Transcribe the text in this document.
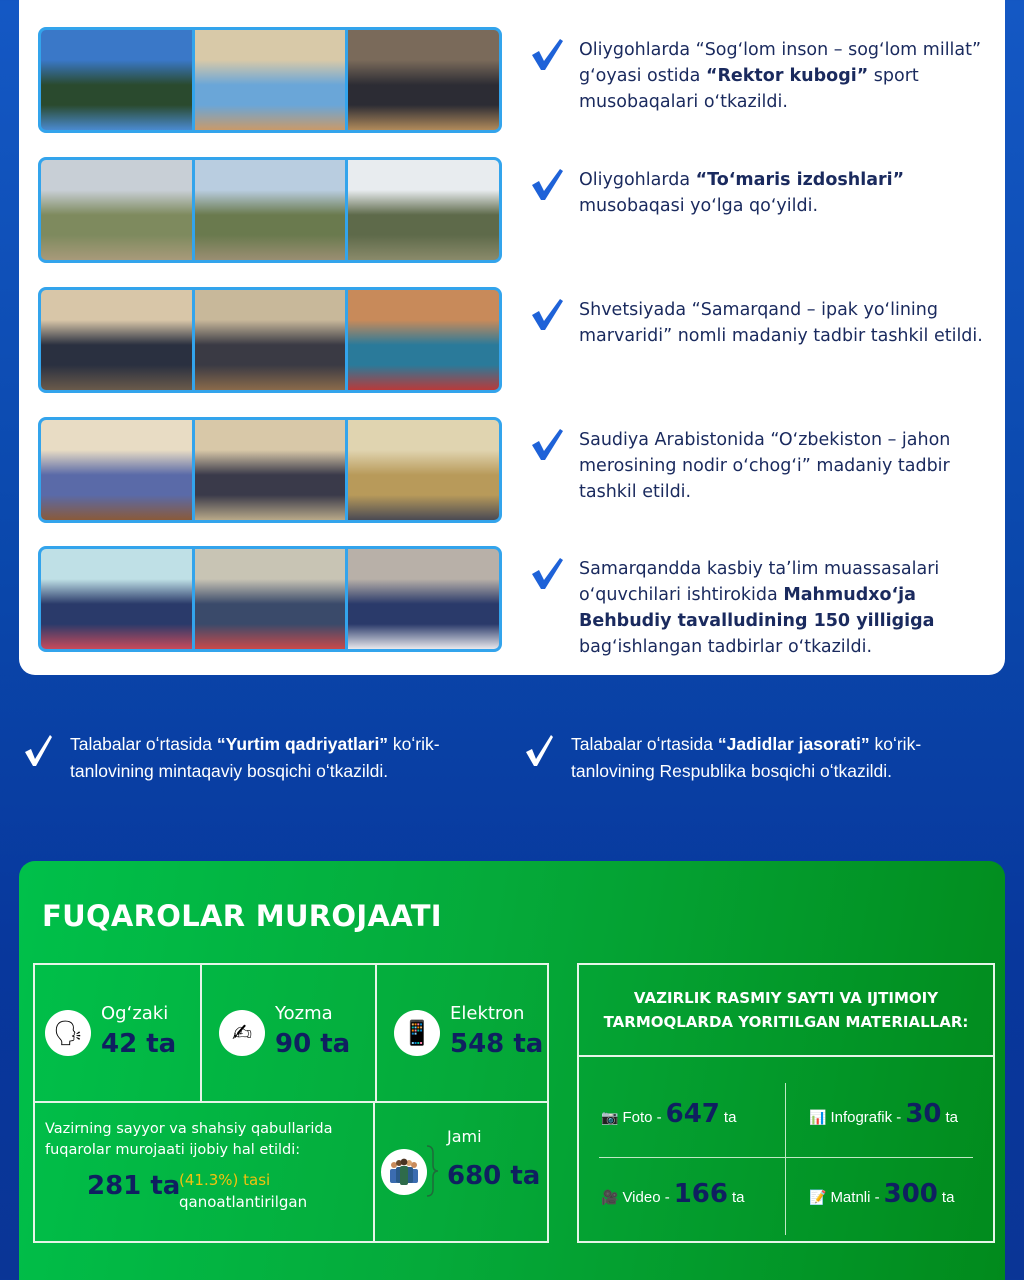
Oliygohlarda “Sogʻlom inson – sogʻlom millat” gʻoyasi ostida “Rektor kubogi” sport musobaqalari oʻtkazildi.
Oliygohlarda “Toʻmaris izdoshlari” musobaqasi yoʻlga qoʻyildi.
Shvetsiyada “Samarqand – ipak yoʻlining marvaridi” nomli madaniy tadbir tashkil etildi.
Saudiya Arabistonida “Oʻzbekiston – jahon merosining nodir oʻchogʻi” madaniy tadbir tashkil etildi.
Samarqandda kasbiy taʼlim muassasalari oʻquvchilari ishtirokida Mahmudxoʻja Behbudiy tavalludining 150 yilligiga bagʻishlangan tadbirlar oʻtkazildi.
Talabalar oʻrtasida “Yurtim qadriyatlari” koʻrik-tanlovining mintaqaviy bosqichi oʻtkazildi.
Talabalar oʻrtasida “Jadidlar jasorati” koʻrik-tanlovining Respublika bosqichi oʻtkazildi.
FUQAROLAR MUROJAATI
🗣
Og‘zaki
42 ta	✍
Yozma
90 ta	📱
Elektron
548 ta
Vazirning sayyor va shahsiy qabullarida fuqarolar murojaati ijobiy hal etildi:
281 ta
(41.3%) tasi
qanoatlantirilgan
Jami
680 ta
VAZIRLIK RASMIY SAYTI VA IJTIMOIY TARMOQLARDA YORITILGAN MATERIALLAR:
📷 Foto - 647 ta	📊 Infografik - 30 ta
🎥 Video - 166 ta	📝 Matnli - 300 ta
